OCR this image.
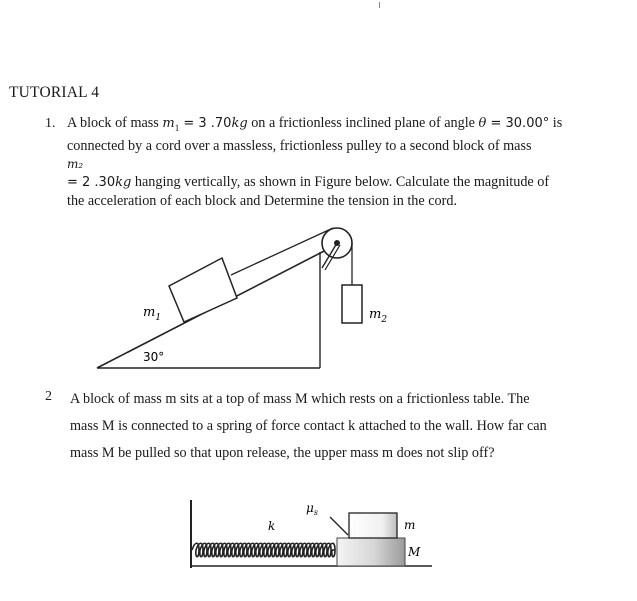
TUTORIAL 4
1. A block of mass $m_1 = 3$ .70kg on a frictionless inclined plane of angle θ = 30.00° is
connected by a cord over a massless, frictionless pulley to a second block of mass
m₂
= 2 .30kg hanging vertically, as shown in Figure below. Calculate the magnitude of
the acceleration of each block and Determine the tension in the cord.
$m_1$	$m_2$
30°
2 A block of mass m sits at a top of mass M which rests on a frictionless table. The
mass M is connected to a spring of force contact k attached to the wall. How far can
mass M be pulled so that upon release, the upper mass m does not slip off?
k
$\mu_s$
m
M
